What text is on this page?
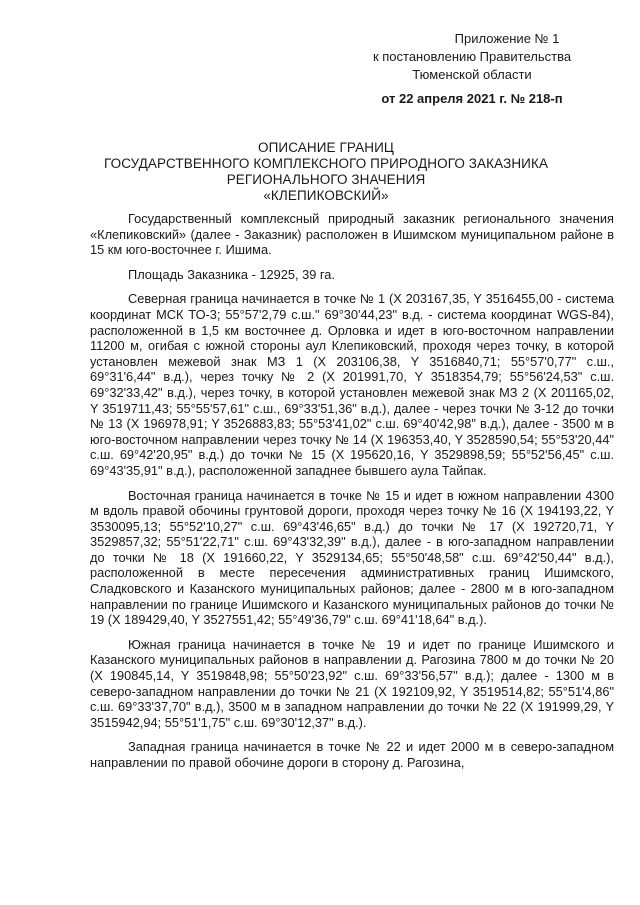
Приложение № 1
к постановлению Правительства
Тюменской области
от 22 апреля 2021 г. № 218-п
ОПИСАНИЕ ГРАНИЦ
ГОСУДАРСТВЕННОГО КОМПЛЕКСНОГО ПРИРОДНОГО ЗАКАЗНИКА
РЕГИОНАЛЬНОГО ЗНАЧЕНИЯ
«КЛЕПИКОВСКИЙ»

Государственный комплексный природный заказник регионального значения «Клепиковский» (далее - Заказник) расположен в Ишимском муниципальном районе в 15 км юго-восточнее г. Ишима.

Площадь Заказника - 12925, 39 га.

Северная граница начинается в точке № 1 (X 203167,35, Y 3516455,00 - система координат МСК ТО-3; 55°57'2,79 с.ш." 69°30'44,23" в.д. - система координат WGS-84), расположенной в 1,5 км восточнее д. Орловка и идет в юго-восточном направлении 11200 м, огибая с южной стороны аул Клепиковский, проходя через точку, в которой установлен межевой знак МЗ 1 (X 203106,38, Y 3516840,71; 55°57'0,77" с.ш., 69°31'6,44" в.д.), через точку № 2 (X 201991,70, Y 3518354,79; 55°56'24,53" с.ш. 69°32'33,42" в.д.), через точку, в которой установлен межевой знак МЗ 2 (X 201165,02, Y 3519711,43; 55°55'57,61" с.ш., 69°33'51,36" в.д.), далее - через точки № 3-12 до точки № 13 (X 196978,91; Y 3526883,83; 55°53'41,02" с.ш. 69°40'42,98" в.д.), далее - 3500 м в юго-восточном направлении через точку № 14 (X 196353,40, Y 3528590,54; 55°53'20,44" с.ш. 69°42'20,95" в.д.) до точки № 15 (X 195620,16, Y 3529898,59; 55°52'56,45" с.ш. 69°43'35,91" в.д.), расположенной западнее бывшего аула Тайпак.

Восточная граница начинается в точке № 15 и идет в южном направлении 4300 м вдоль правой обочины грунтовой дороги, проходя через точку № 16 (X 194193,22, Y 3530095,13; 55°52'10,27" с.ш. 69°43'46,65" в.д.) до точки № 17 (X 192720,71, Y 3529857,32; 55°51'22,71" с.ш. 69°43'32,39" в.д.), далее - в юго-западном направлении до точки № 18 (X 191660,22, Y 3529134,65; 55°50'48,58" с.ш. 69°42'50,44" в.д.), расположенной в месте пересечения административных границ Ишимского, Сладковского и Казанского муниципальных районов; далее - 2800 м в юго-западном направлении по границе Ишимского и Казанского муниципальных районов до точки № 19 (X 189429,40, Y 3527551,42; 55°49'36,79" с.ш. 69°41'18,64" в.д.).

Южная граница начинается в точке № 19 и идет по границе Ишимского и Казанского муниципальных районов в направлении д. Рагозина 7800 м до точки № 20 (X 190845,14, Y 3519848,98; 55°50'23,92" с.ш. 69°33'56,57" в.д.); далее - 1300 м в северо-западном направлении до точки № 21 (X 192109,92, Y 3519514,82; 55°51'4,86" с.ш. 69°33'37,70" в.д.), 3500 м в западном направлении до точки № 22 (X 191999,29, Y 3515942,94; 55°51'1,75" с.ш. 69°30'12,37" в.д.).

Западная граница начинается в точке № 22 и идет 2000 м в северо-западном направлении по правой обочине дороги в сторону д. Рагозина,
